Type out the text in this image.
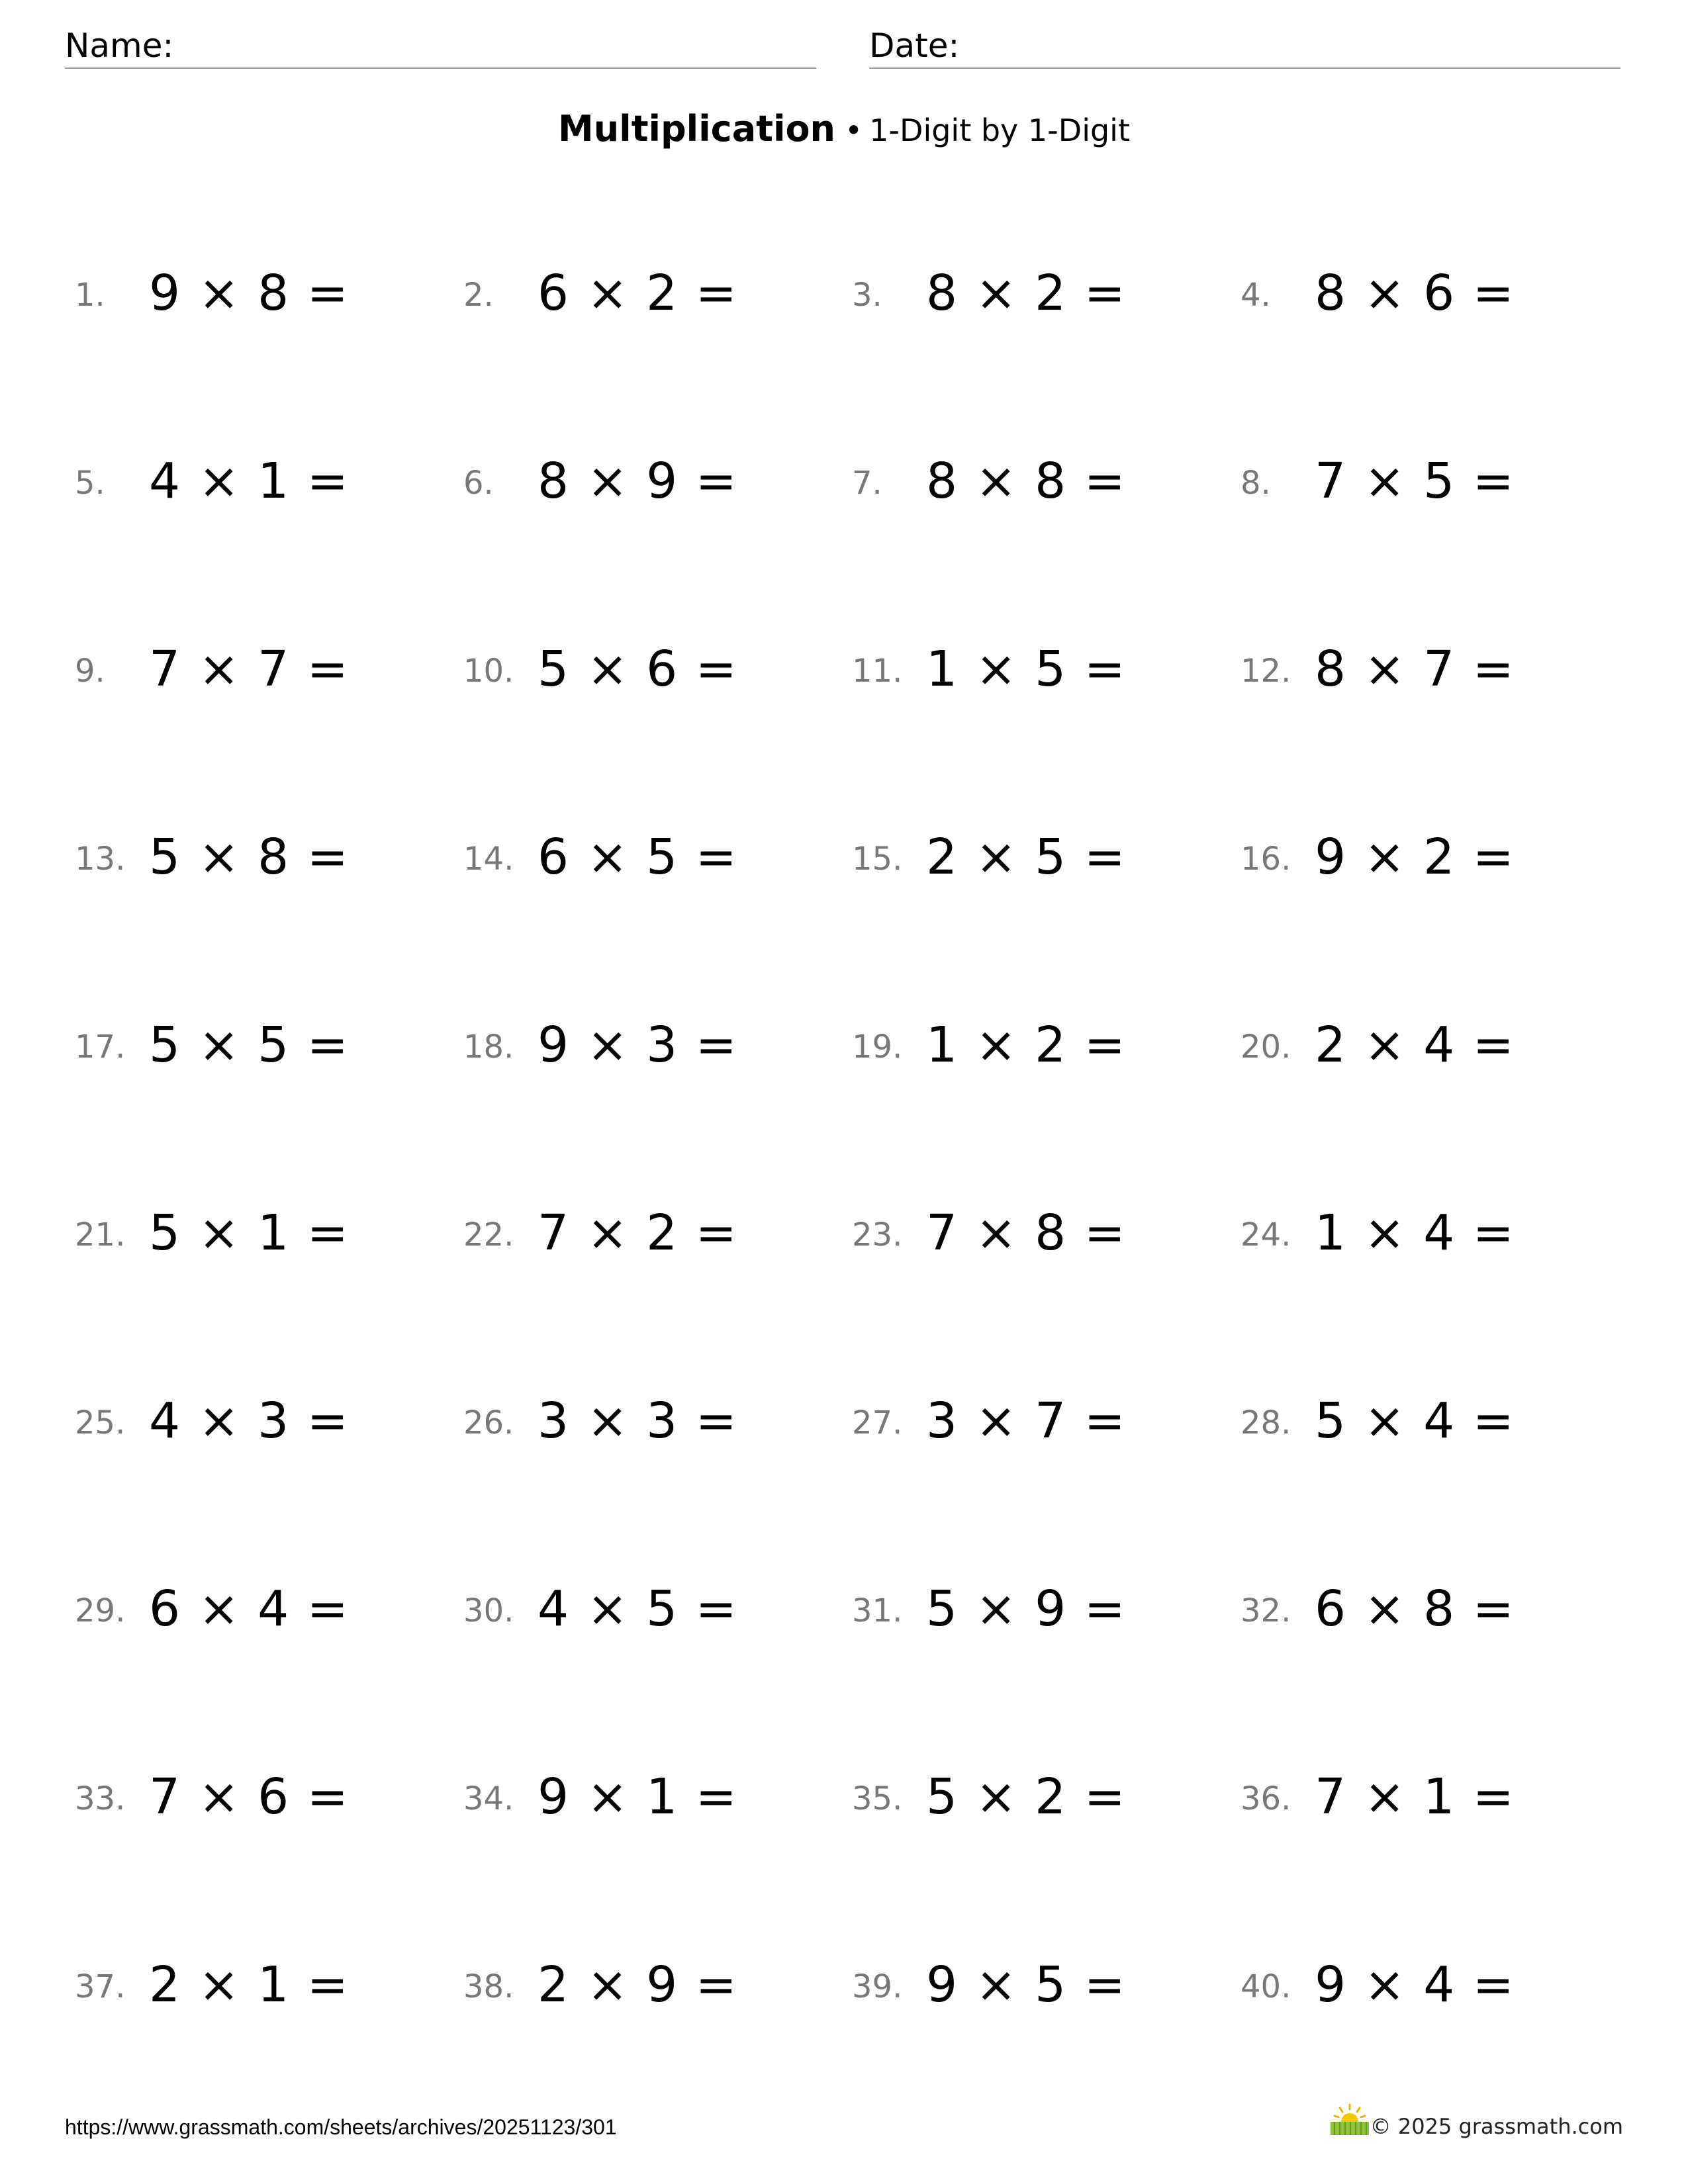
Name:	Date:
Multiplication • 1-Digit by 1-Digit
1. 9 × 8 =	2. 6 × 2 =	3. 8 × 2 =	4. 8 × 6 =
5. 4 × 1 =	6. 8 × 9 =	7. 8 × 8 =	8. 7 × 5 =
9. 7 × 7 =	10. 5 × 6 =	11. 1 × 5 =	12. 8 × 7 =
13. 5 × 8 =	14. 6 × 5 =	15. 2 × 5 =	16. 9 × 2 =
17. 5 × 5 =	18. 9 × 3 =	19. 1 × 2 =	20. 2 × 4 =
21. 5 × 1 =	22. 7 × 2 =	23. 7 × 8 =	24. 1 × 4 =
25. 4 × 3 =	26. 3 × 3 =	27. 3 × 7 =	28. 5 × 4 =
29. 6 × 4 =	30. 4 × 5 =	31. 5 × 9 =	32. 6 × 8 =
33. 7 × 6 =	34. 9 × 1 =	35. 5 × 2 =	36. 7 × 1 =
37. 2 × 1 =	38. 2 × 9 =	39. 9 × 5 =	40. 9 × 4 =
https://www.grassmath.com/sheets/archives/20251123/301	© 2025 grassmath.com
